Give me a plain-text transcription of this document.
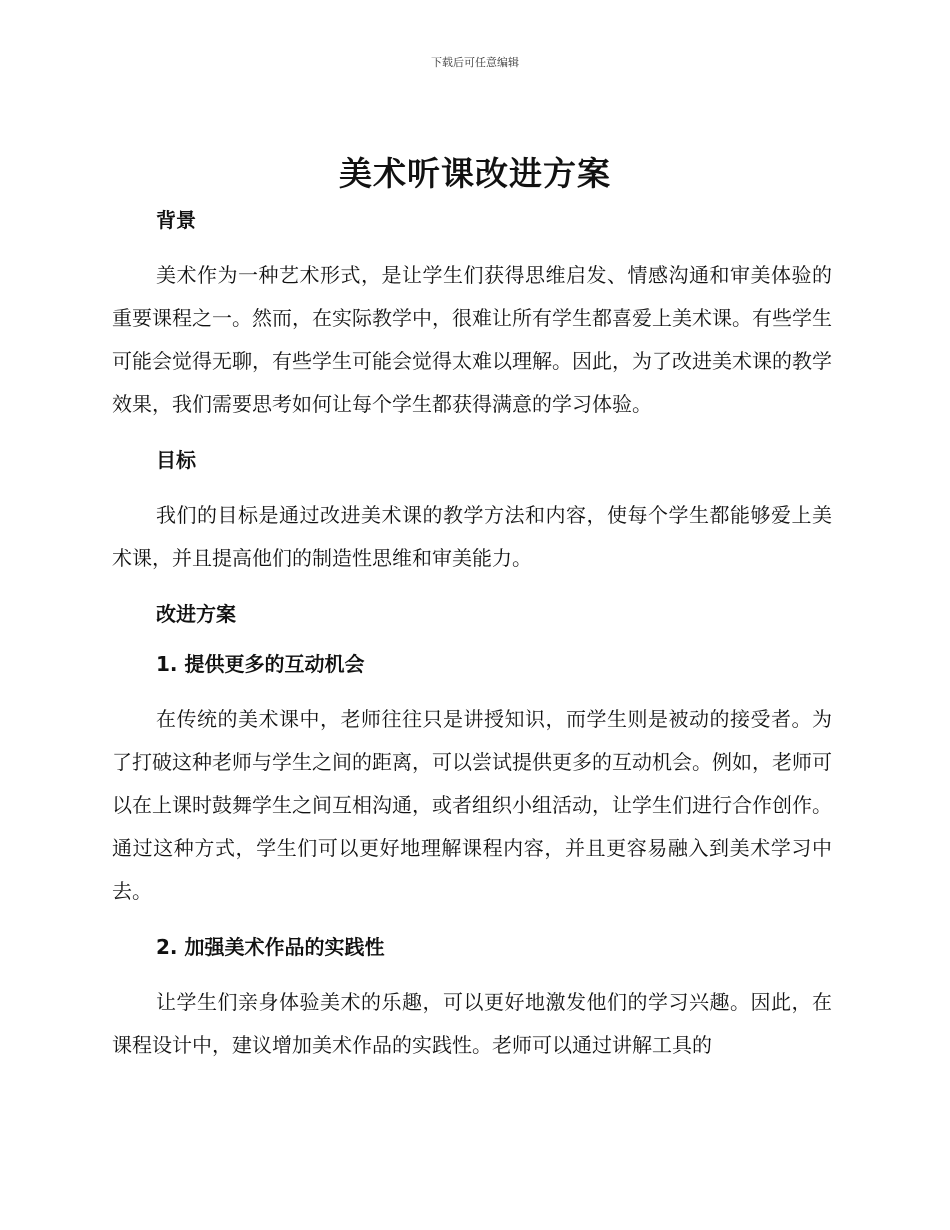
下载后可任意编辑
美术听课改进方案
背景
美术作为一种艺术形式，是让学生们获得思维启发、情感沟通和审美体验的重要课程之一。然而，在实际教学中，很难让所有学生都喜爱上美术课。有些学生可能会觉得无聊，有些学生可能会觉得太难以理解。因此，为了改进美术课的教学效果，我们需要思考如何让每个学生都获得满意的学习体验。
目标
我们的目标是通过改进美术课的教学方法和内容，使每个学生都能够爱上美术课，并且提高他们的制造性思维和审美能力。
改进方案
1. 提供更多的互动机会
在传统的美术课中，老师往往只是讲授知识，而学生则是被动的接受者。为了打破这种老师与学生之间的距离，可以尝试提供更多的互动机会。例如，老师可以在上课时鼓舞学生之间互相沟通，或者组织小组活动，让学生们进行合作创作。通过这种方式，学生们可以更好地理解课程内容，并且更容易融入到美术学习中去。
2. 加强美术作品的实践性
让学生们亲身体验美术的乐趣，可以更好地激发他们的学习兴趣。因此，在课程设计中，建议增加美术作品的实践性。老师可以通过讲解工具的
